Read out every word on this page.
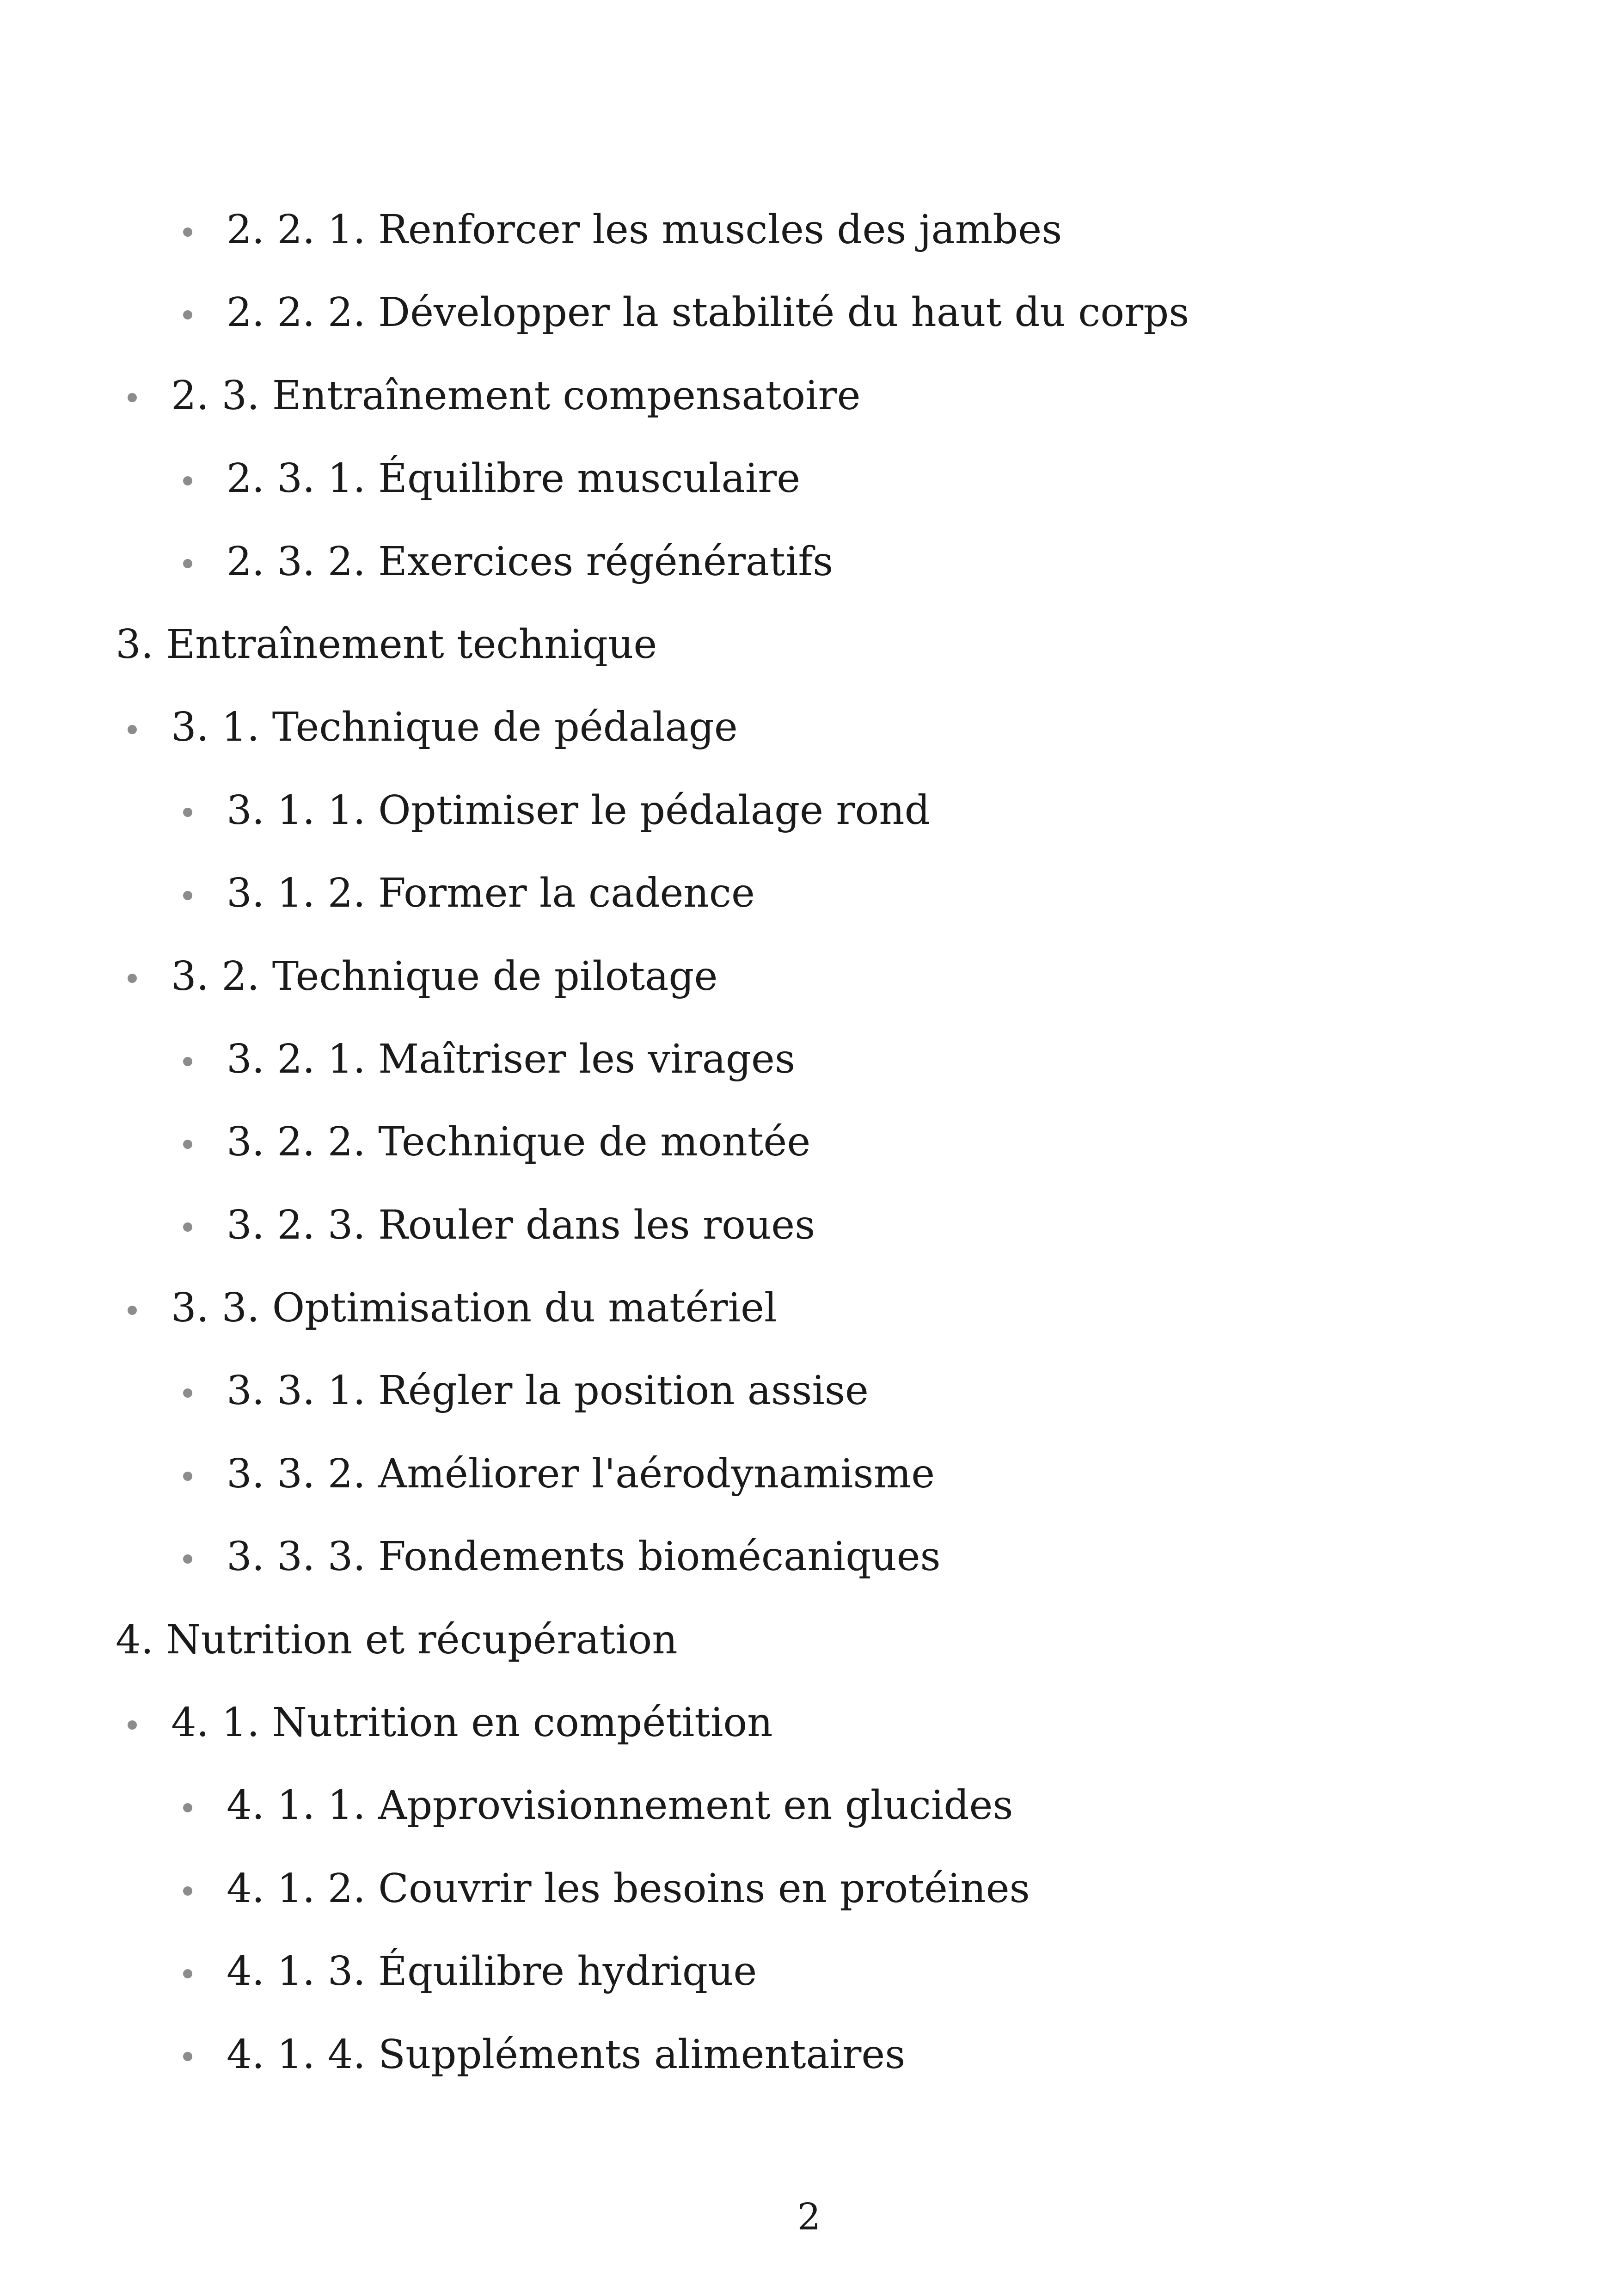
2. 2. 1. Renforcer les muscles des jambes
2. 2. 2. Développer la stabilité du haut du corps
2. 3. Entraînement compensatoire
2. 3. 1. Équilibre musculaire
2. 3. 2. Exercices régénératifs
3. Entraînement technique
3. 1. Technique de pédalage
3. 1. 1. Optimiser le pédalage rond
3. 1. 2. Former la cadence
3. 2. Technique de pilotage
3. 2. 1. Maîtriser les virages
3. 2. 2. Technique de montée
3. 2. 3. Rouler dans les roues
3. 3. Optimisation du matériel
3. 3. 1. Régler la position assise
3. 3. 2. Améliorer l'aérodynamisme
3. 3. 3. Fondements biomécaniques
4. Nutrition et récupération
4. 1. Nutrition en compétition
4. 1. 1. Approvisionnement en glucides
4. 1. 2. Couvrir les besoins en protéines
4. 1. 3. Équilibre hydrique
4. 1. 4. Suppléments alimentaires
2
